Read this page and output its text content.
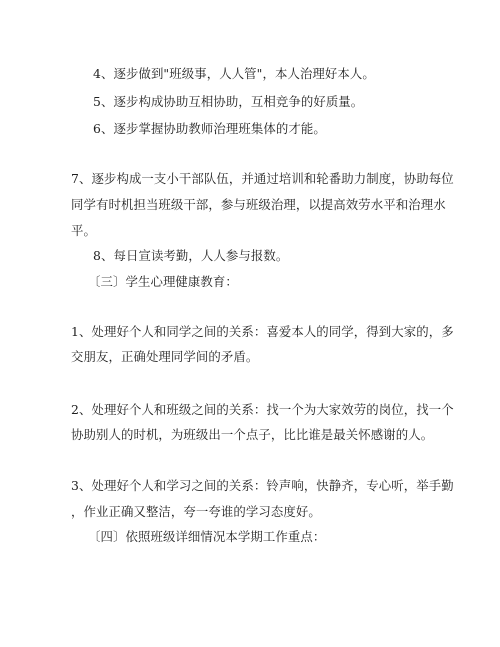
4、逐步做到"班级事，人人管"，本人治理好本人。
5、逐步构成协助互相协助，互相竞争的好质量。
6、逐步掌握协助教师治理班集体的才能。
7、逐步构成一支小干部队伍，并通过培训和轮番助力制度，协助每位
同学有时机担当班级干部，参与班级治理，以提高效劳水平和治理水
平。
8、每日宣读考勤，人人参与报数。
〔三〕学生心理健康教育：
1、处理好个人和同学之间的关系：喜爱本人的同学，得到大家的，多
交朋友，正确处理同学间的矛盾。
2、处理好个人和班级之间的关系：找一个为大家效劳的岗位，找一个
协助别人的时机，为班级出一个点子，比比谁是最关怀感谢的人。
3、处理好个人和学习之间的关系：铃声响，快静齐，专心听，举手勤
，作业正确又整洁，夸一夸谁的学习态度好。
〔四〕依照班级详细情况本学期工作重点：
